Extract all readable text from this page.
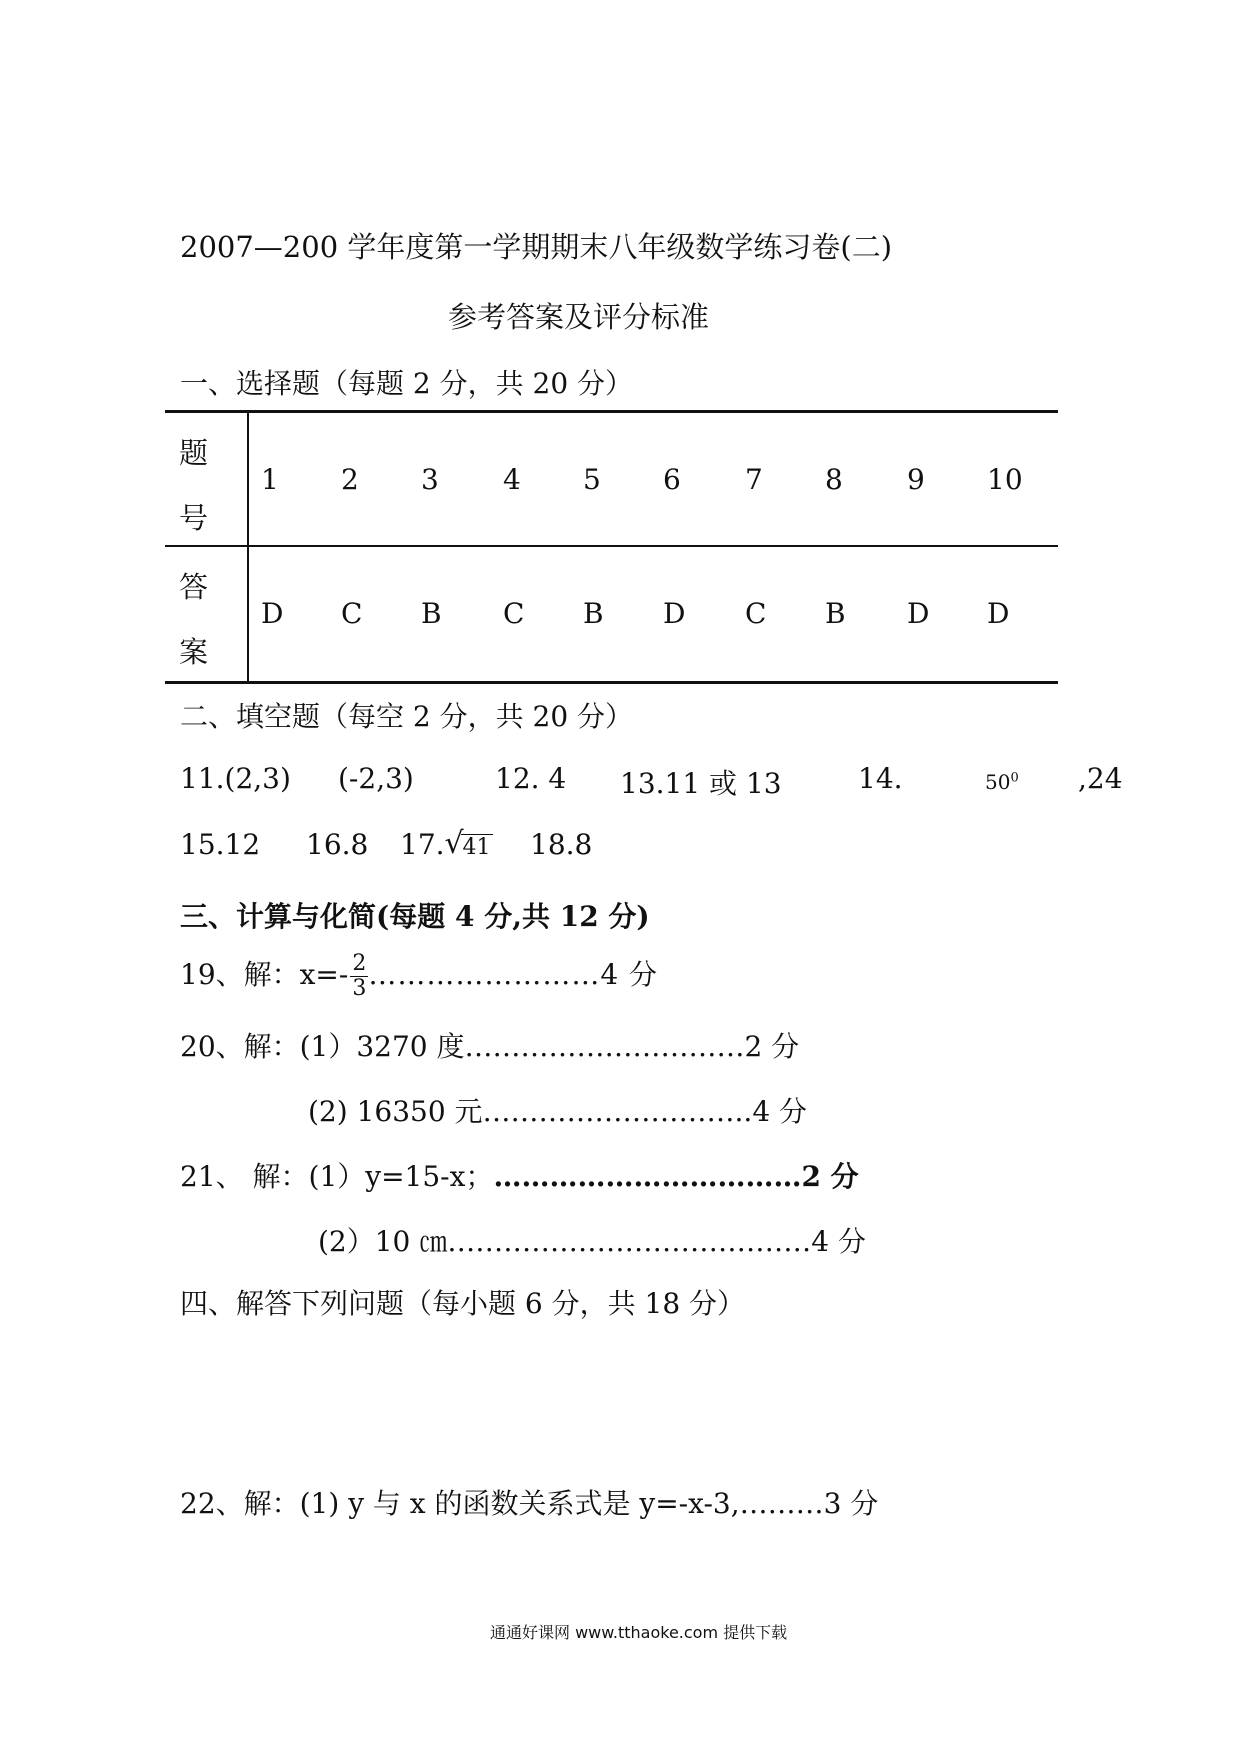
2007—200 学年度第一学期期末八年级数学练习卷(二)
参考答案及评分标准
一、选择题（每题 2 分，共 20 分）
题
号
1 2 3 4 5 6 7 8 9 10
答
案
D C B C B D C B D D
二、填空题（每空 2 分，共 20 分）
11.(2,3) (-2,3)	12. 4 13.11 或 13	14.	$50^0$ ,24
15.12 16.8 17. √
41 18.8
三、计算与化简(每题 4 分,共 12 分)
19、解：$x=- \frac{2}{3}$ ……………………4 分
20、解：(1）3270 度…………………………2 分
(2) 16350 元………………………..4 分
21、 解：(1）y=15-x；……………………………2 分
(2）10 ㎝…………………………………4 分
四、解答下列问题（每小题 6 分，共 18 分）
22、解：(1) y 与 x 的函数关系式是 y=-x-3,………3 分
通通好课网 www.tthaoke.com 提供下载
